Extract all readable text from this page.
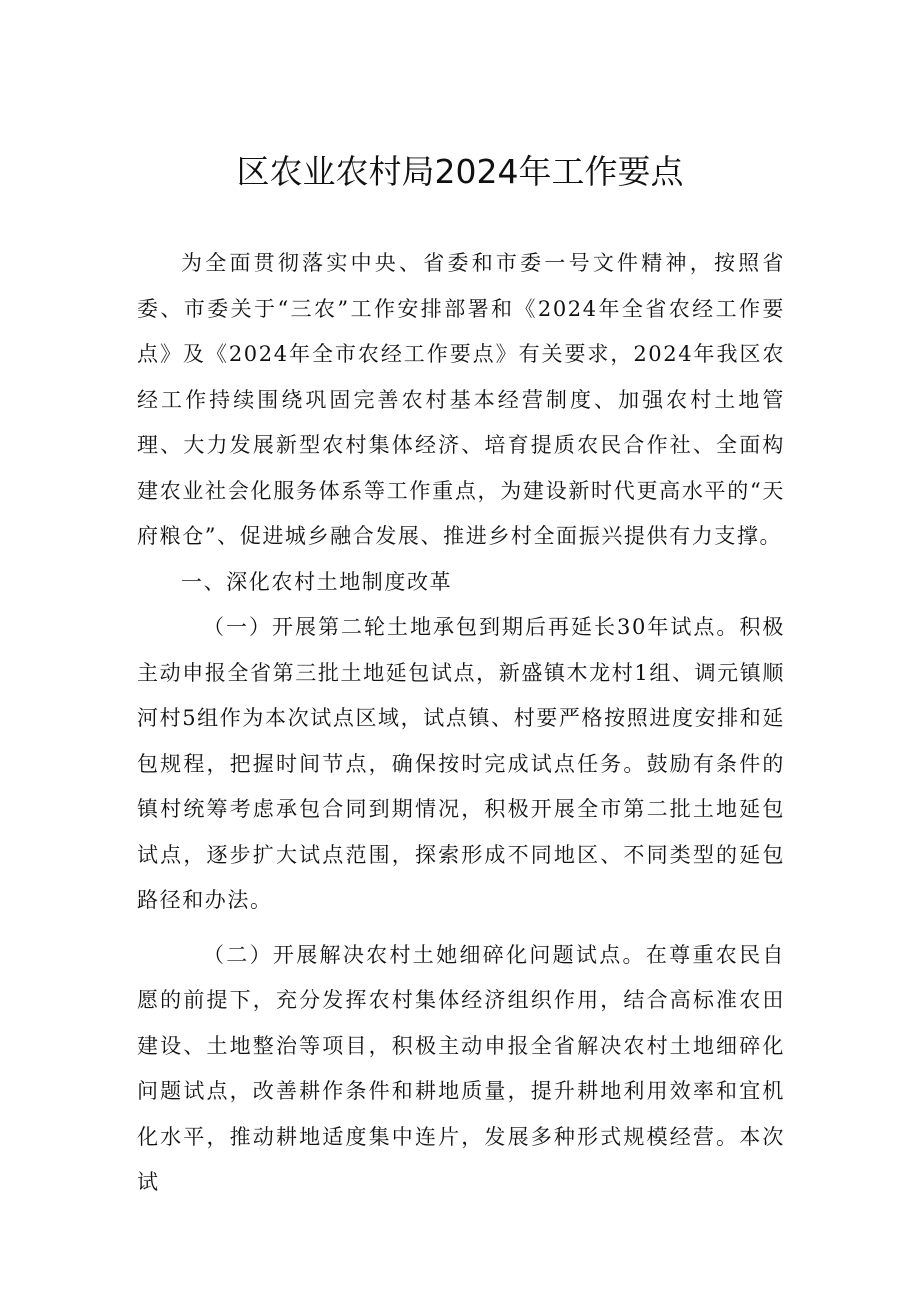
区农业农村局2024年工作要点

为全面贯彻落实中央、省委和市委一号文件精神，按照省委、市委关于“三农”工作安排部署和《2024年全省农经工作要点》及《2024年全市农经工作要点》有关要求，2024年我区农经工作持续围绕巩固完善农村基本经营制度、加强农村土地管理、大力发展新型农村集体经济、培育提质农民合作社、全面构建农业社会化服务体系等工作重点，为建设新时代更高水平的“天府粮仓”、促进城乡融合发展、推进乡村全面振兴提供有力支撑。

一、深化农村土地制度改革

（一）开展第二轮土地承包到期后再延长30年试点。积极主动申报全省第三批土地延包试点，新盛镇木龙村1组、调元镇顺河村5组作为本次试点区域，试点镇、村要严格按照进度安排和延包规程，把握时间节点，确保按时完成试点任务。鼓励有条件的镇村统筹考虑承包合同到期情况，积极开展全市第二批土地延包试点，逐步扩大试点范围，探索形成不同地区、不同类型的延包路径和办法。

（二）开展解决农村土她细碎化问题试点。在尊重农民自愿的前提下，充分发挥农村集体经济组织作用，结合高标准农田建设、土地整治等项目，积极主动申报全省解决农村土地细碎化问题试点，改善耕作条件和耕地质量，提升耕地利用效率和宜机化水平，推动耕地适度集中连片，发展多种形式规模经营。本次试
